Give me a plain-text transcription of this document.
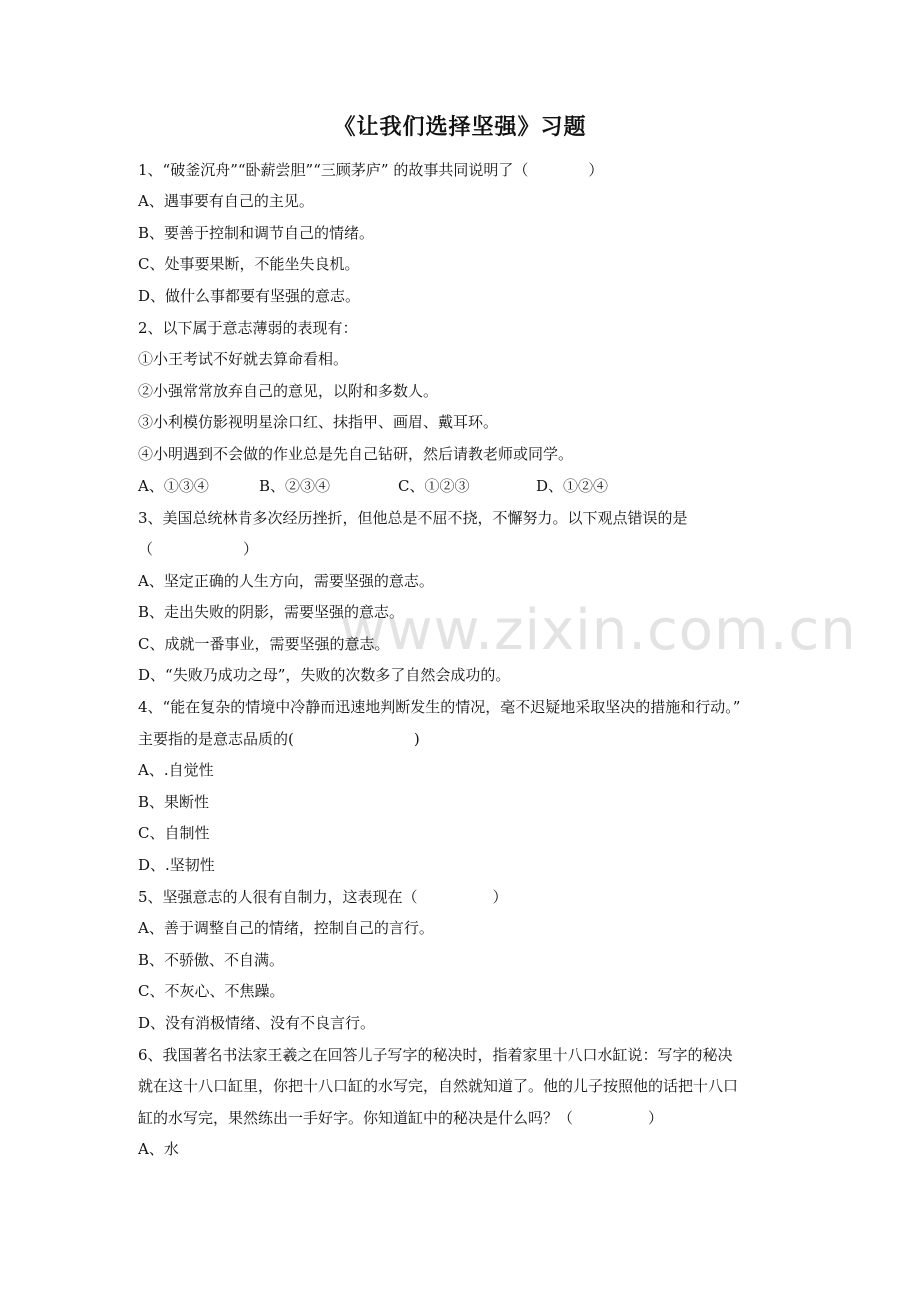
www.zixin.com.cn
《让我们选择坚强》习题
1、“破釜沉舟”“卧薪尝胆”“三顾茅庐” 的故事共同说明了（　　　　）
A、遇事要有自己的主见。
B、要善于控制和调节自己的情绪。
C、处事要果断，不能坐失良机。
D、做什么事都要有坚强的意志。
2、以下属于意志薄弱的表现有：
①小王考试不好就去算命看相。
②小强常常放弃自己的意见，以附和多数人。
③小利模仿影视明星涂口红、抹指甲、画眉、戴耳环。
④小明遇到不会做的作业总是先自己钻研，然后请教老师或同学。
A、①③④	B、②③④	C、①②③	D、①②④
3、美国总统林肯多次经历挫折，但他总是不屈不挠，不懈努力。以下观点错误的是
（　　　　　　）
A、坚定正确的人生方向，需要坚强的意志。
B、走出失败的阴影，需要坚强的意志。
C、成就一番事业，需要坚强的意志。
D、“失败乃成功之母”，失败的次数多了自然会成功的。
4、“能在复杂的情境中冷静而迅速地判断发生的情况，毫不迟疑地采取坚决的措施和行动。”
主要指的是意志品质的(　　　　　　　　)
A、.自觉性
B、果断性
C、自制性
D、.坚韧性
5、坚强意志的人很有自制力，这表现在（　　　　　）
A、善于调整自己的情绪，控制自己的言行。
B、不骄傲、不自满。
C、不灰心、不焦躁。
D、没有消极情绪、没有不良言行。
6、我国著名书法家王羲之在回答儿子写字的秘决时，指着家里十八口水缸说：写字的秘决
就在这十八口缸里，你把十八口缸的水写完，自然就知道了。他的儿子按照他的话把十八口
缸的水写完，果然练出一手好字。你知道缸中的秘决是什么吗？（　　　　　）
A、水
